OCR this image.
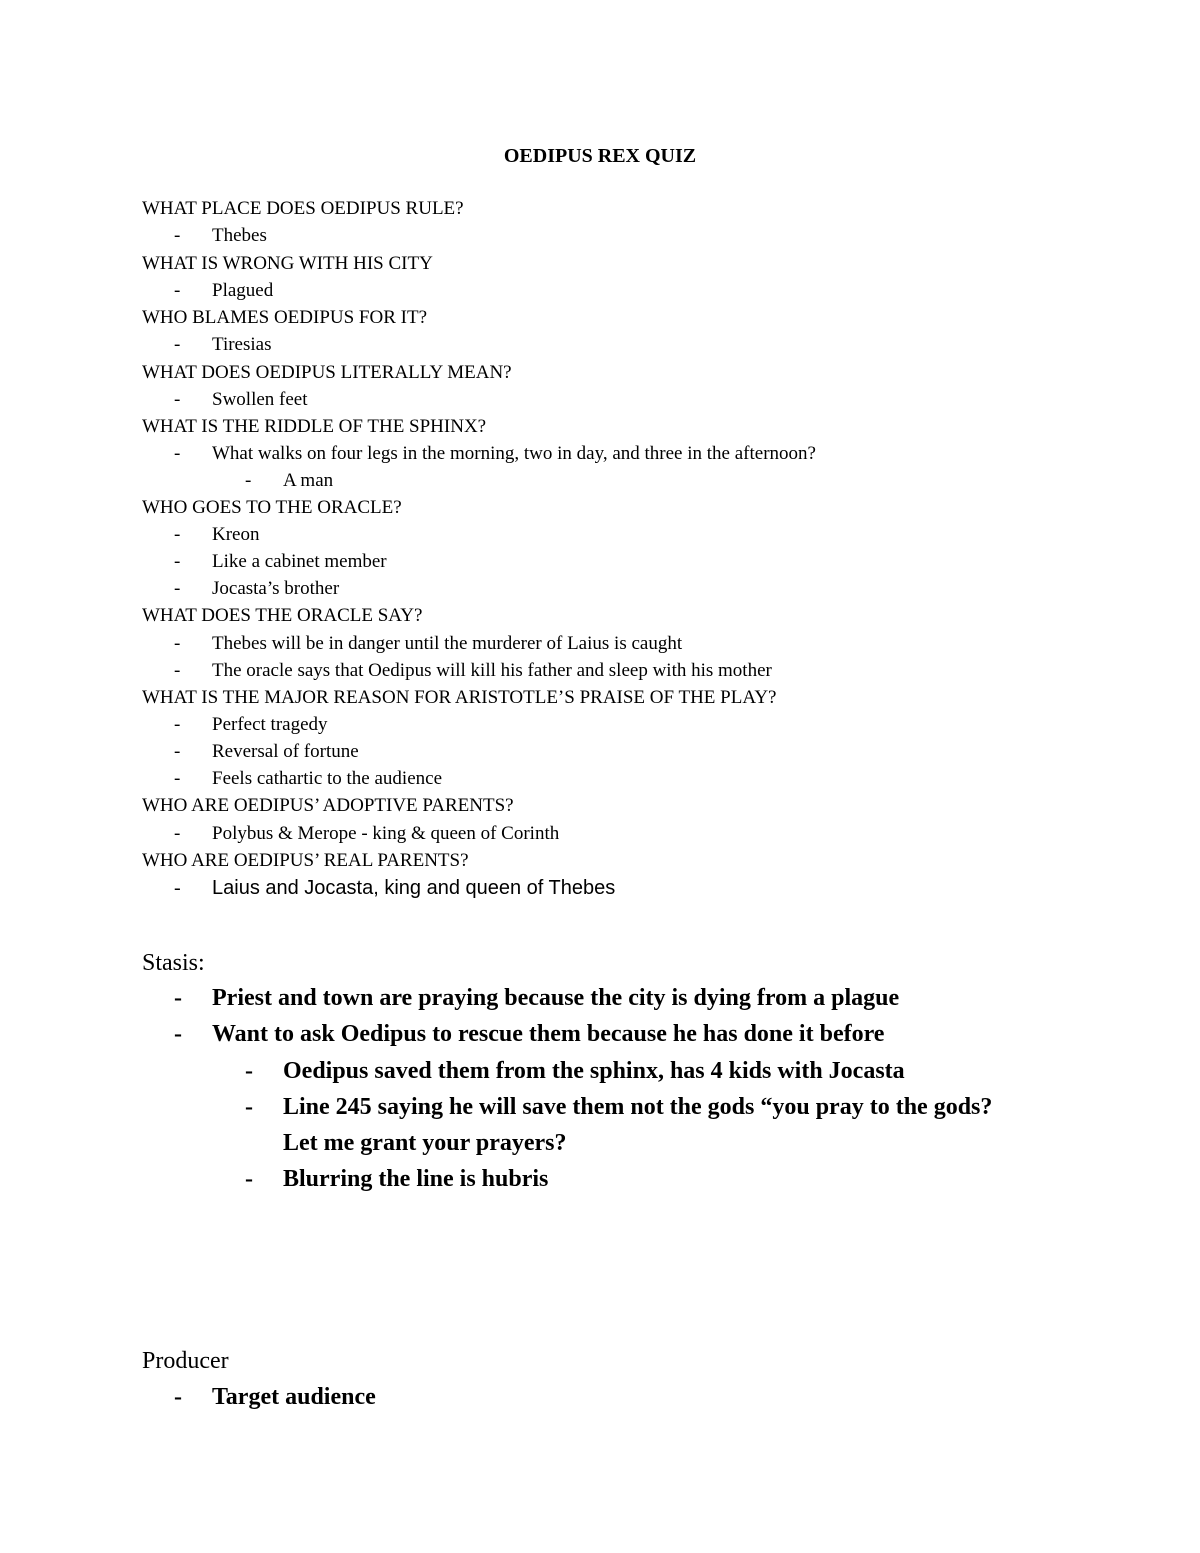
OEDIPUS REX QUIZ
WHAT PLACE DOES OEDIPUS RULE?
- Thebes
WHAT IS WRONG WITH HIS CITY
- Plagued
WHO BLAMES OEDIPUS FOR IT?
- Tiresias
WHAT DOES OEDIPUS LITERALLY MEAN?
- Swollen feet
WHAT IS THE RIDDLE OF THE SPHINX?
- What walks on four legs in the morning, two in day, and three in the afternoon?
- A man
WHO GOES TO THE ORACLE?
- Kreon
- Like a cabinet member
- Jocasta’s brother
WHAT DOES THE ORACLE SAY?
- Thebes will be in danger until the murderer of Laius is caught
- The oracle says that Oedipus will kill his father and sleep with his mother
WHAT IS THE MAJOR REASON FOR ARISTOTLE’S PRAISE OF THE PLAY?
- Perfect tragedy
- Reversal of fortune
- Feels cathartic to the audience
WHO ARE OEDIPUS’ ADOPTIVE PARENTS?
- Polybus & Merope - king & queen of Corinth
WHO ARE OEDIPUS’ REAL PARENTS?
- Laius and Jocasta, king and queen of Thebes
Stasis:
- Priest and town are praying because the city is dying from a plague
- Want to ask Oedipus to rescue them because he has done it before
- Oedipus saved them from the sphinx, has 4 kids with Jocasta
- Line 245 saying he will save them not the gods “you pray to the gods?
Let me grant your prayers?
- Blurring the line is hubris
Producer
- Target audience
